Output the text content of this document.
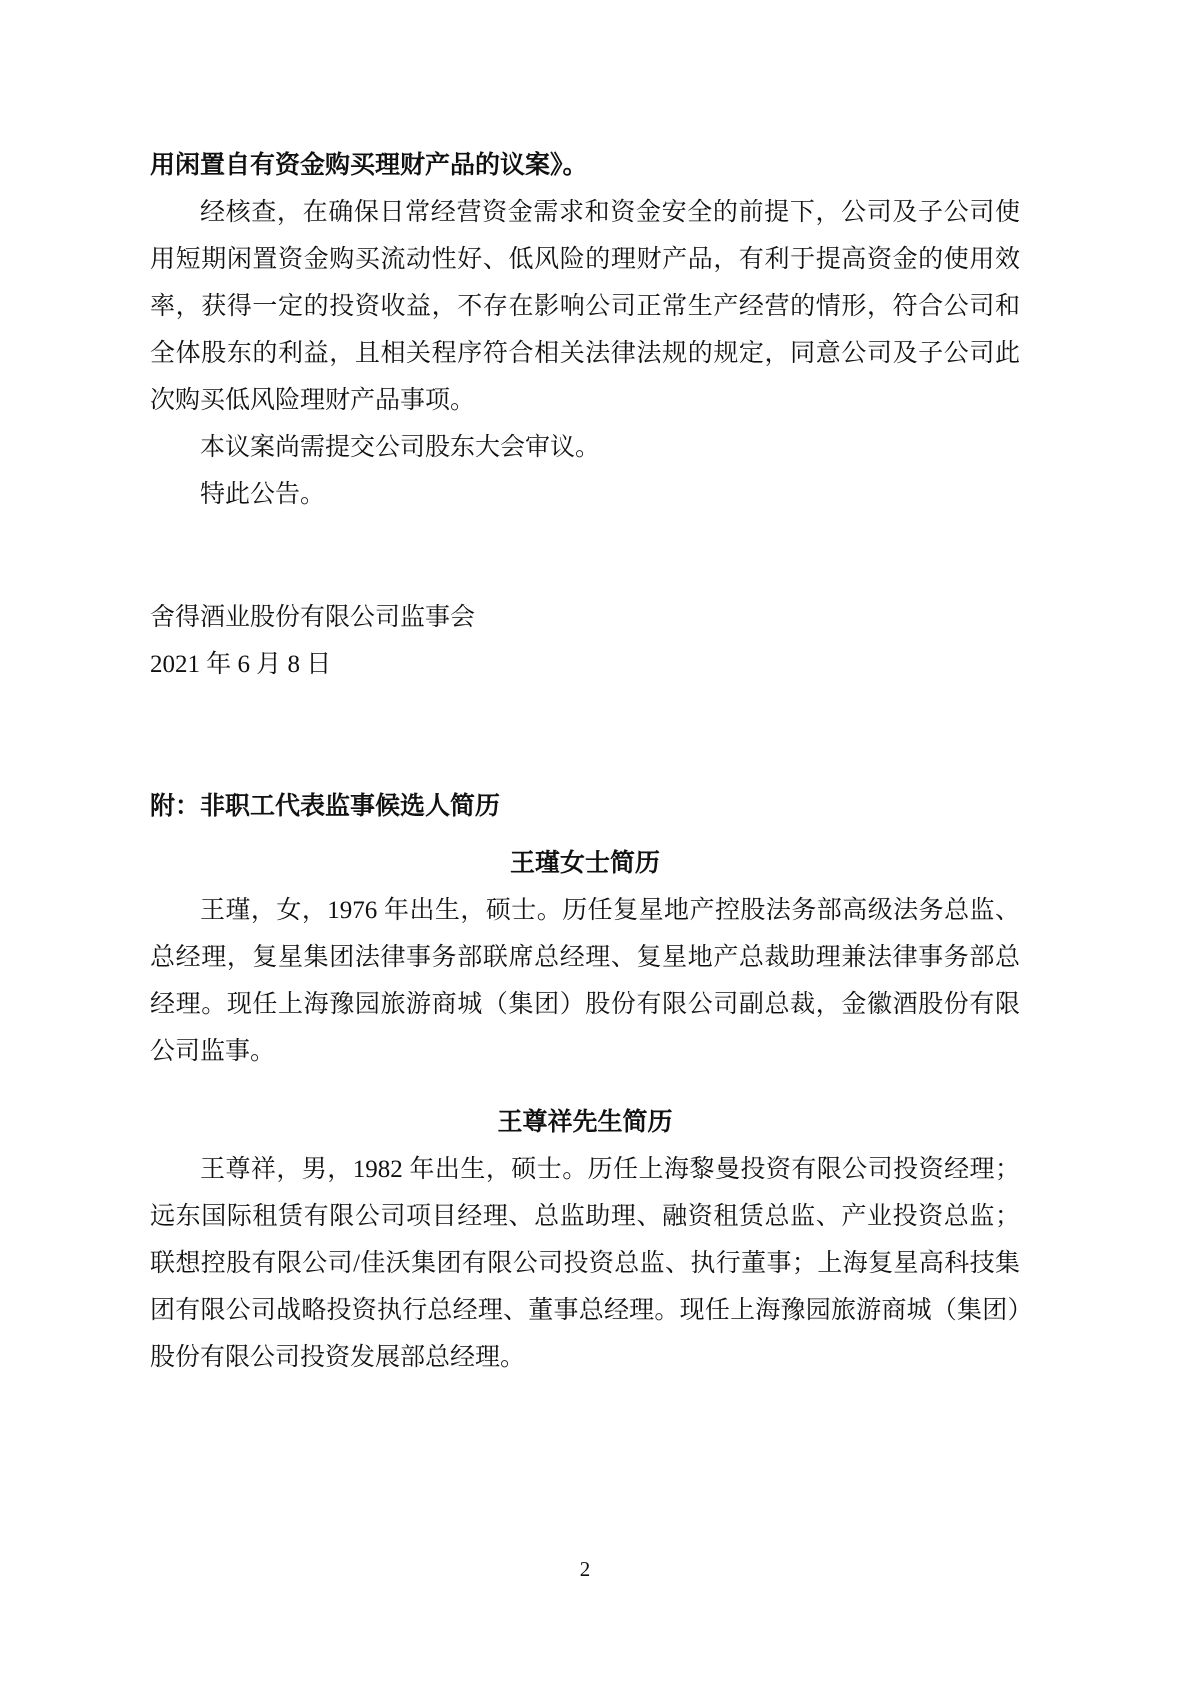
用闲置自有资金购买理财产品的议案》。

经核查，在确保日常经营资金需求和资金安全的前提下，公司及子公司使用短期闲置资金购买流动性好、低风险的理财产品，有利于提高资金的使用效率，获得一定的投资收益，不存在影响公司正常生产经营的情形，符合公司和全体股东的利益，且相关程序符合相关法律法规的规定，同意公司及子公司此次购买低风险理财产品事项。

本议案尚需提交公司股东大会审议。

特此公告。

舍得酒业股份有限公司监事会

2021 年 6 月 8 日

附：非职工代表监事候选人简历

王瑾女士简历

王瑾，女，1976 年出生，硕士。历任复星地产控股法务部高级法务总监、总经理，复星集团法律事务部联席总经理、复星地产总裁助理兼法律事务部总经理。现任上海豫园旅游商城（集团）股份有限公司副总裁，金徽酒股份有限公司监事。

王尊祥先生简历

王尊祥，男，1982 年出生，硕士。历任上海黎曼投资有限公司投资经理；远东国际租赁有限公司项目经理、总监助理、融资租赁总监、产业投资总监；联想控股有限公司/佳沃集团有限公司投资总监、执行董事；上海复星高科技集团有限公司战略投资执行总经理、董事总经理。现任上海豫园旅游商城（集团）股份有限公司投资发展部总经理。

2
